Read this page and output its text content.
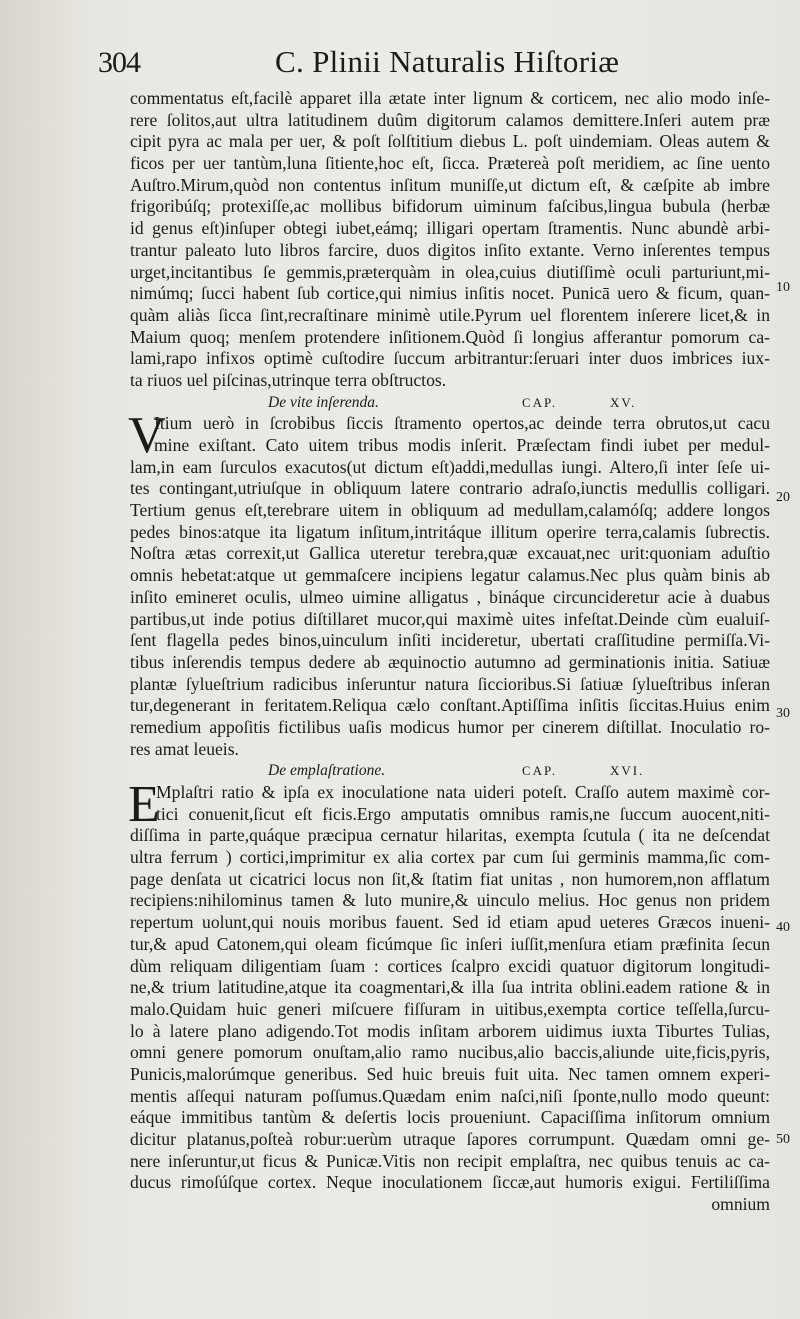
304	C. Plinii Naturalis Hiſtoriæ
commentatus eſt,facilè apparet illa ætate inter lignum & corticem, nec alio modo inſe-
rere ſolitos,aut ultra latitudinem duûm digitorum calamos demittere.Inſeri autem præ
cipit pyra ac mala per uer, & poſt ſolſtitium diebus L. poſt uindemiam. Oleas autem &
ficos per uer tantùm,luna ſitiente,hoc eſt, ſicca. Prætereà poſt meridiem, ac ſine uento
Auſtro.Mirum,quòd non contentus inſitum muniſſe,ut dictum eſt, & cæſpite ab imbre
frigoribúſq; protexiſſe,ac mollibus bifidorum uiminum faſcibus,lingua bubula (herbæ
id genus eſt)inſuper obtegi iubet,eámq; illigari opertam ſtramentis. Nunc abundè arbi-
trantur paleato luto libros farcire, duos digitos inſito extante. Verno inſerentes tempus
urget,incitantibus ſe gemmis,præterquàm in olea,cuius diutiſſimè oculi parturiunt,mi-
nimúmq; ſucci habent ſub cortice,qui nimius inſitis nocet. Punicā uero & ficum, quan-
quàm aliàs ſicca ſint,recraſtinare minimè utile.Pyrum uel florentem inſerere licet,& in
Maium quoq; menſem protendere inſitionem.Quòd ſi longius afferantur pomorum ca-
lami,rapo infixos optimè cuſtodire ſuccum arbitrantur:ſeruari inter duos imbrices iux-
ta riuos uel piſcinas,utrinque terra obſtructos.
De vite inſerenda.	CAP.	XV.
V
Itium uerò in ſcrobibus ſiccis ſtramento opertos,ac deinde terra obrutos,ut cacu
mine exiſtant. Cato uitem tribus modis inſerit. Præſectam findi iubet per medul-
lam,in eam ſurculos exacutos(ut dictum eſt)addi,medullas iungi. Altero,ſi inter ſeſe ui-
tes contingant,utriuſque in obliquum latere contrario adraſo,iunctis medullis colligari.
Tertium genus eſt,terebrare uitem in obliquum ad medullam,calamóſq; addere longos
pedes binos:atque ita ligatum inſitum,intritáque illitum operire terra,calamis ſubrectis.
Noſtra ætas correxit,ut Gallica uteretur terebra,quæ excauat,nec urit:quoniam aduſtio
omnis hebetat:atque ut gemmaſcere incipiens legatur calamus.Nec plus quàm binis ab
inſito emineret oculis, ulmeo uimine alligatus , bináque circuncideretur acie à duabus
partibus,ut inde potius diſtillaret mucor,qui maximè uites infeſtat.Deinde cùm eualuiſ-
ſent flagella pedes binos,uinculum inſiti incideretur, ubertati craſſitudine permiſſa.Vi-
tibus inſerendis tempus dedere ab æquinoctio autumno ad germinationis initia. Satiuæ
plantæ ſylueſtrium radicibus inſeruntur natura ſiccioribus.Si ſatiuæ ſylueſtribus inſeran
tur,degenerant in feritatem.Reliqua cælo conſtant.Aptiſſima inſitis ſiccitas.Huius enim
remedium appoſitis fictilibus uaſis modicus humor per cinerem diſtillat. Inoculatio ro-
res amat leueis.
De emplaſtratione.	CAP.	XVI.
E
Mplaſtri ratio & ipſa ex inoculatione nata uideri poteſt. Craſſo autem maximè cor-
tici conuenit,ſicut eſt ficis.Ergo amputatis omnibus ramis,ne ſuccum auocent,niti-
diſſima in parte,quáque præcipua cernatur hilaritas, exempta ſcutula ( ita ne deſcendat
ultra ferrum ) cortici,imprimitur ex alia cortex par cum ſui germinis mamma,ſic com-
page denſata ut cicatrici locus non ſit,& ſtatim fiat unitas , non humorem,non afflatum
recipiens:nihilominus tamen & luto munire,& uinculo melius. Hoc genus non pridem
repertum uolunt,qui nouis moribus fauent. Sed id etiam apud ueteres Græcos inueni-
tur,& apud Catonem,qui oleam ficúmque ſic inſeri iuſſit,menſura etiam præfinita ſecun
dùm reliquam diligentiam ſuam : cortices ſcalpro excidi quatuor digitorum longitudi-
ne,& trium latitudine,atque ita coagmentari,& illa ſua intrita oblini.eadem ratione & in
malo.Quidam huic generi miſcuere fiſſuram in uitibus,exempta cortice teſſella,ſurcu-
lo à latere plano adigendo.Tot modis inſitam arborem uidimus iuxta Tiburtes Tulias,
omni genere pomorum onuſtam,alio ramo nucibus,alio baccis,aliunde uite,ficis,pyris,
Punicis,malorúmque generibus. Sed huic breuis fuit uita. Nec tamen omnem experi-
mentis aſſequi naturam poſſumus.Quædam enim naſci,niſi ſponte,nullo modo queunt:
eáque immitibus tantùm & deſertis locis proueniunt. Capaciſſima inſitorum omnium
dicitur platanus,poſteà robur:uerùm utraque ſapores corrumpunt. Quædam omni ge-
nere inſeruntur,ut ficus & Punicæ.Vitis non recipit emplaſtra, nec quibus tenuis ac ca-
ducus rimoſúſque cortex. Neque inoculationem ſiccæ,aut humoris exigui. Fertiliſſima
omnium
10
20
30
40
50
